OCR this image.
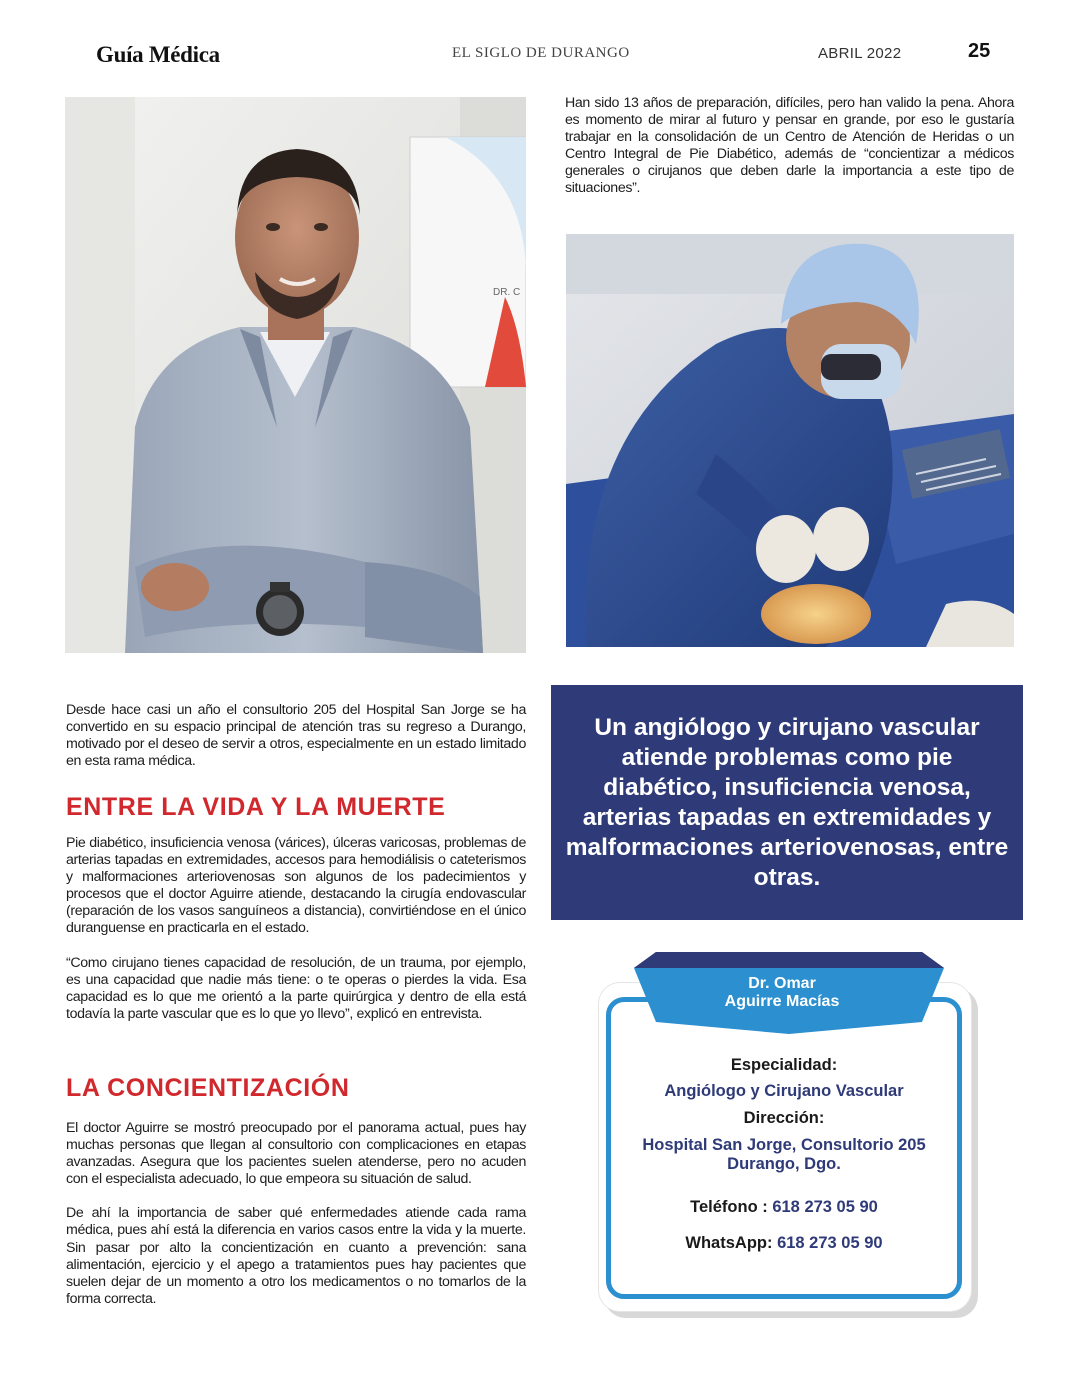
Guía Médica	EL SIGLO DE DURANGO	ABRIL 2022	25
DR. C

Han sido 13 años de preparación, difíciles, pero han valido la pena. Ahora es momento de mirar al futuro y pensar en grande, por eso le gustaría trabajar en la consolidación de un Centro de Atención de Heridas o un Centro Integral de Pie Diabético, además de “concientizar a médicos generales o cirujanos que deben darle la importancia a este tipo de situaciones”.

Desde hace casi un año el consultorio 205 del Hospital San Jorge se ha convertido en su espacio principal de atención tras su regreso a Durango, motivado por el deseo de servir a otros, especialmente en un estado limitado en esta rama médica.

ENTRE LA VIDA Y LA MUERTE

Pie diabético, insuficiencia venosa (várices), úlceras varicosas, problemas de arterias tapadas en extremidades, accesos para hemodiálisis o cateterismos y malformaciones arteriovenosas son algunos de los padecimientos y procesos que el doctor Aguirre atiende, destacando la cirugía endovascular (reparación de los vasos sanguíneos a distancia), convirtiéndose en el único duranguense en practicarla en el estado.

“Como cirujano tienes capacidad de resolución, de un trauma, por ejemplo, es una capacidad que nadie más tiene: o te operas o pierdes la vida. Esa capacidad es lo que me orientó a la parte quirúrgica y dentro de ella está todavía la parte vascular que es lo que yo llevo”, explicó en entrevista.

LA CONCIENTIZACIÓN

El doctor Aguirre se mostró preocupado por el panorama actual, pues hay muchas personas que llegan al consultorio con complicaciones en etapas avanzadas. Asegura que los pacientes suelen atenderse, pero no acuden con el especialista adecuado, lo que empeora su situación de salud.

De ahí la importancia de saber qué enfermedades atiende cada rama médica, pues ahí está la diferencia en varios casos entre la vida y la muerte. Sin pasar por alto la concientización en cuanto a prevención: sana alimentación, ejercicio y el apego a tratamientos pues hay pacientes que suelen dejar de un momento a otro los medicamentos o no tomarlos de la forma correcta.

Un angiólogo y cirujano vascular atiende problemas como pie diabético, insuficiencia venosa, arterias tapadas en extremidades y malformaciones arteriovenosas, entre otras.
Dr. Omar
Aguirre Macías
Especialidad:
Angiólogo y Cirujano Vascular
Dirección:
Hospital San Jorge, Consultorio 205
Durango, Dgo.
Teléfono : 618 273 05 90
WhatsApp: 618 273 05 90
